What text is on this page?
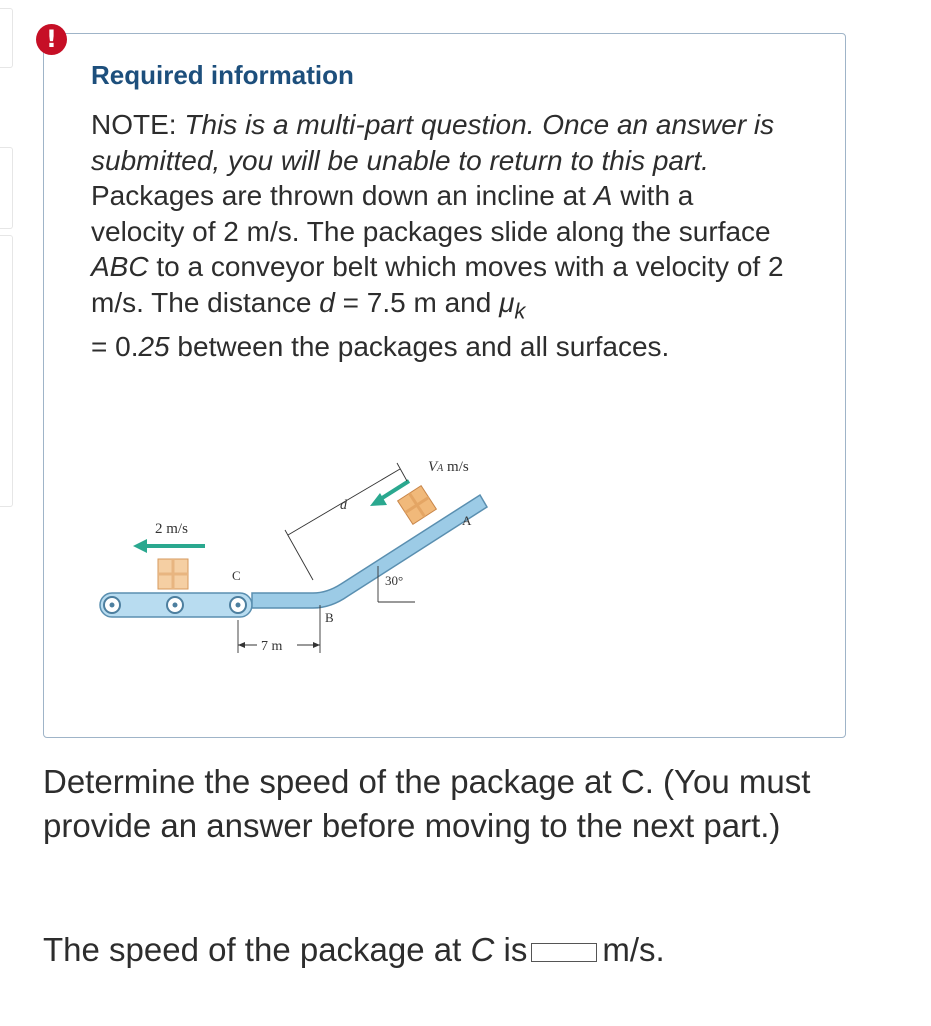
!
Required information
NOTE: This is a multi-part question. Once an answer is submitted, you will be unable to return to this part.
Packages are thrown down an incline at A with a velocity of 2 m/s. The packages slide along the surface ABC to a conveyor belt which moves with a velocity of 2 m/s. The distance d = 7.5 m and $\mu_k$
= 0.25 between the packages and all surfaces.
2 m/s
VA m/s
d
A
C
B
30°
7 m
Determine the speed of the package at C. (You must provide an answer before moving to the next part.)
The speed of the package at C is m/s.
